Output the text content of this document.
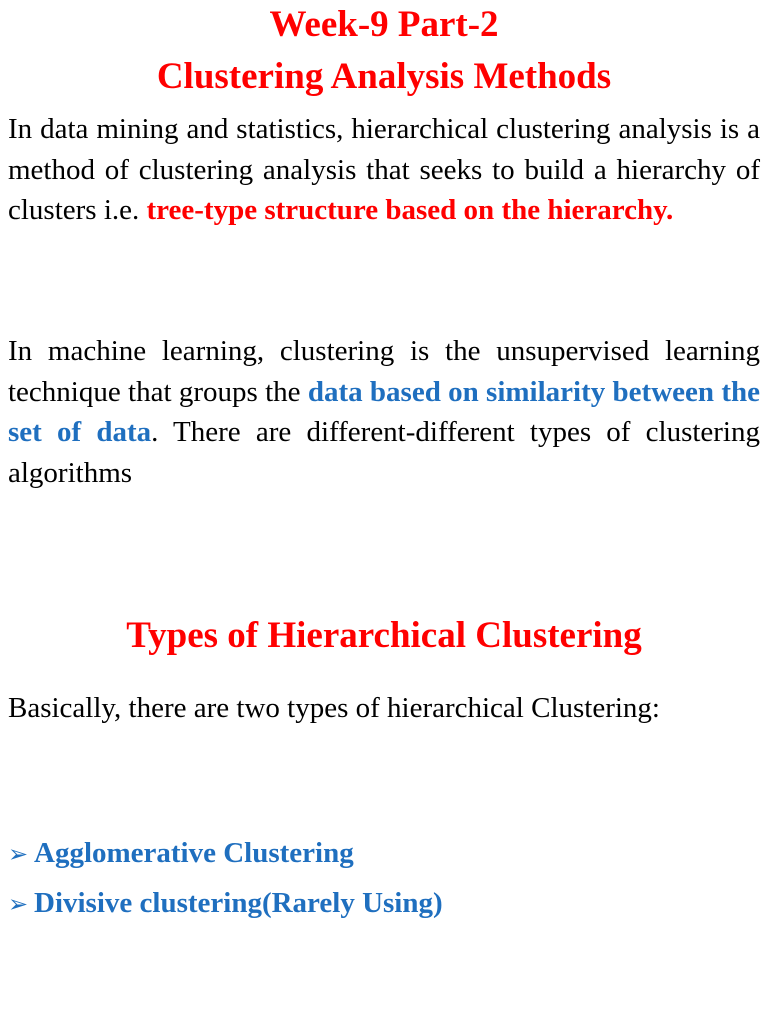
Week-9 Part-2
Clustering Analysis Methods

In data mining and statistics, hierarchical clustering analysis is a method of clustering analysis that seeks to build a hierarchy of clusters i.e. tree-type structure based on the hierarchy.

In machine learning, clustering is the unsupervised learning technique that groups the data based on similarity between the set of data. There are different-different types of clustering algorithms

Types of Hierarchical Clustering

Basically, there are two types of hierarchical Clustering:

➢ Agglomerative Clustering
➢ Divisive clustering(Rarely Using)
